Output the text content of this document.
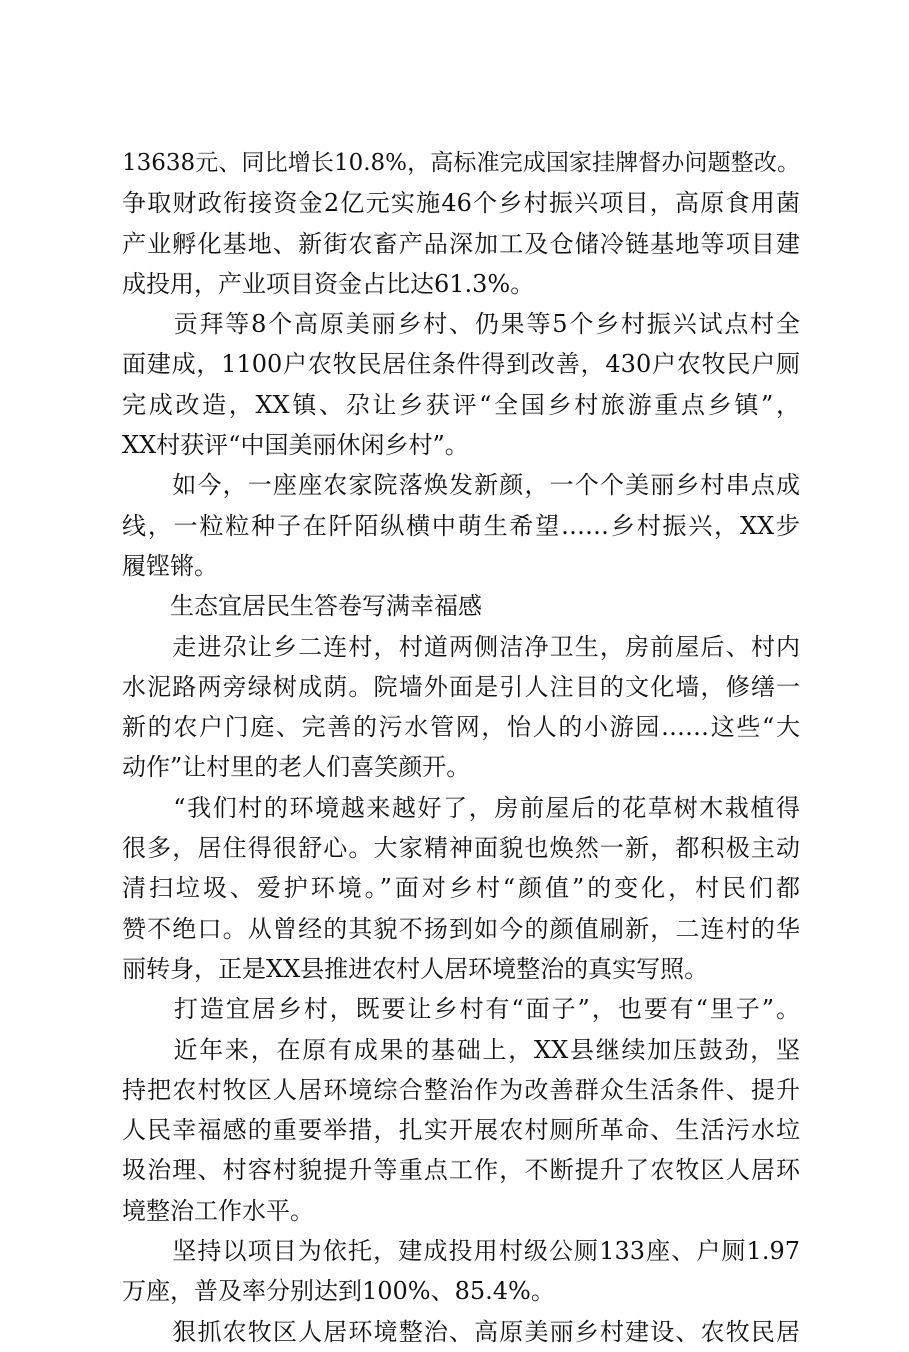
13638元、同比增长10.8%，高标准完成国家挂牌督办问题整改。
争取财政衔接资金2亿元实施46个乡村振兴项目，高原食用菌
产业孵化基地、新街农畜产品深加工及仓储冷链基地等项目建
成投用，产业项目资金占比达61.3%。
　　贡拜等8个高原美丽乡村、仍果等5个乡村振兴试点村全
面建成，1100户农牧民居住条件得到改善，430户农牧民户厕
完成改造，XX镇、尕让乡获评“全国乡村旅游重点乡镇”，
XX村获评“中国美丽休闲乡村”。
　　如今，一座座农家院落焕发新颜，一个个美丽乡村串点成
线，一粒粒种子在阡陌纵横中萌生希望……乡村振兴，XX步
履铿锵。
　　生态宜居民生答卷写满幸福感
　　走进尕让乡二连村，村道两侧洁净卫生，房前屋后、村内
水泥路两旁绿树成荫。院墙外面是引人注目的文化墙，修缮一
新的农户门庭、完善的污水管网，怡人的小游园……这些“大
动作”让村里的老人们喜笑颜开。
　　“我们村的环境越来越好了，房前屋后的花草树木栽植得
很多，居住得很舒心。大家精神面貌也焕然一新，都积极主动
清扫垃圾、爱护环境。”面对乡村“颜值”的变化，村民们都
赞不绝口。从曾经的其貌不扬到如今的颜值刷新，二连村的华
丽转身，正是XX县推进农村人居环境整治的真实写照。
　　打造宜居乡村，既要让乡村有“面子”，也要有“里子”。
　　近年来，在原有成果的基础上，XX县继续加压鼓劲，坚
持把农村牧区人居环境综合整治作为改善群众生活条件、提升
人民幸福感的重要举措，扎实开展农村厕所革命、生活污水垃
圾治理、村容村貌提升等重点工作，不断提升了农牧区人居环
境整治工作水平。
　　坚持以项目为依托，建成投用村级公厕133座、户厕1.97
万座，普及率分别达到100%、85.4%。
　　狠抓农牧区人居环境整治、高原美丽乡村建设、农牧民居
